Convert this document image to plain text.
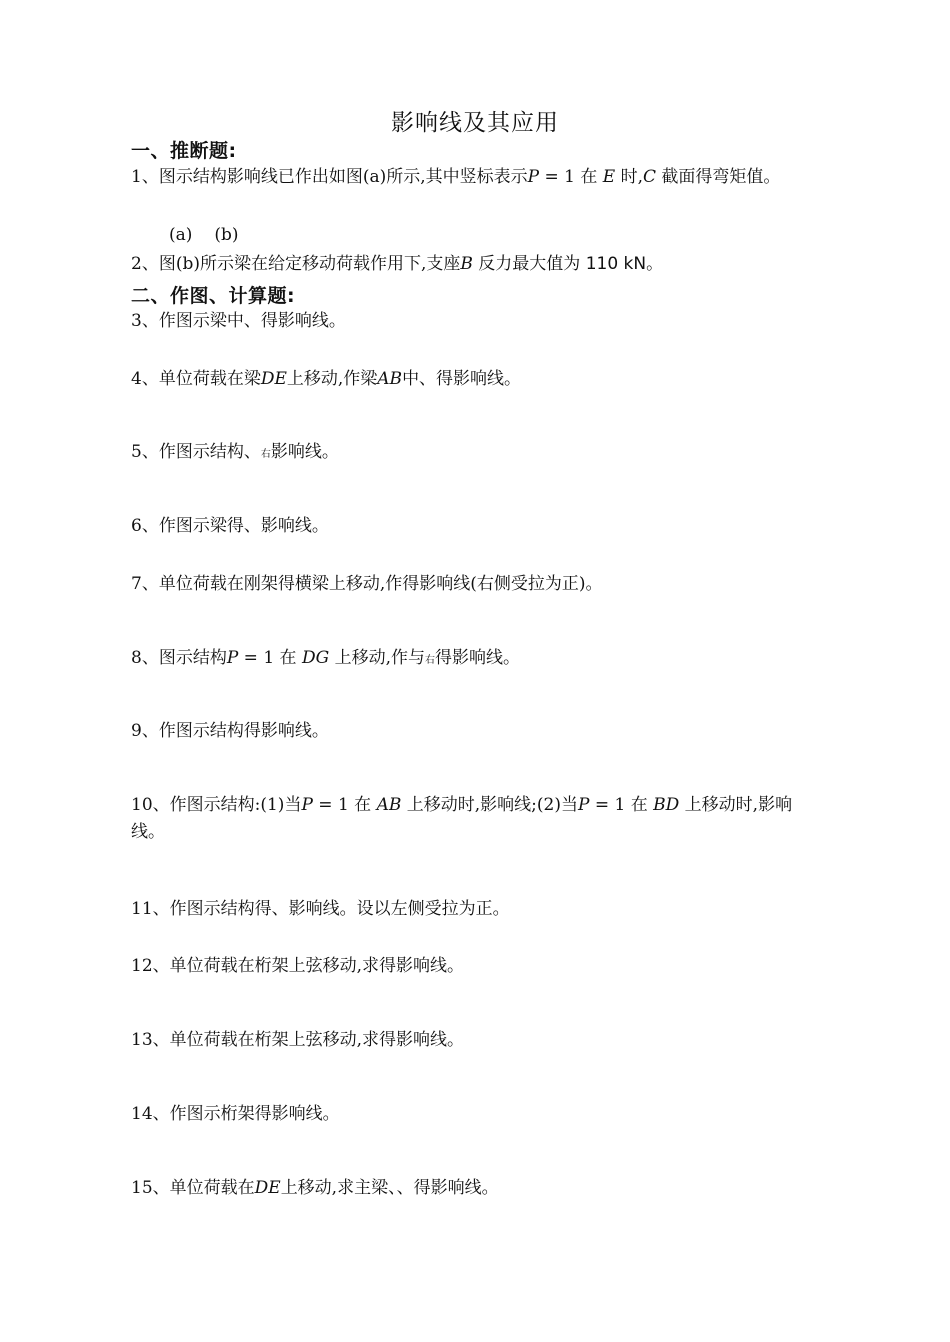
影响线及其应用
一、推断题:
1、图示结构影响线已作出如图(a)所示,其中竖标表示P = 1 在 E 时,C 截面得弯矩值。
(a) (b)
2、图(b)所示梁在给定移动荷载作用下,支座B 反力最大值为 110 kN。
二、作图、计算题:
3、作图示梁中、得影响线。
4、单位荷载在梁DE上移动,作梁AB中、得影响线。
5、作图示结构、右影响线。
6、作图示梁得、影响线。
7、单位荷载在刚架得横梁上移动,作得影响线(右侧受拉为正)。
8、图示结构P = 1 在 DG 上移动,作与右得影响线。
9、作图示结构得影响线。
10、作图示结构:(1)当P = 1 在 AB 上移动时,影响线;(2)当P = 1 在 BD 上移动时,影响线。
11、作图示结构得、影响线。设以左侧受拉为正。
12、单位荷载在桁架上弦移动,求得影响线。
13、单位荷载在桁架上弦移动,求得影响线。
14、作图示桁架得影响线。
15、单位荷载在DE上移动,求主梁、、得影响线。
